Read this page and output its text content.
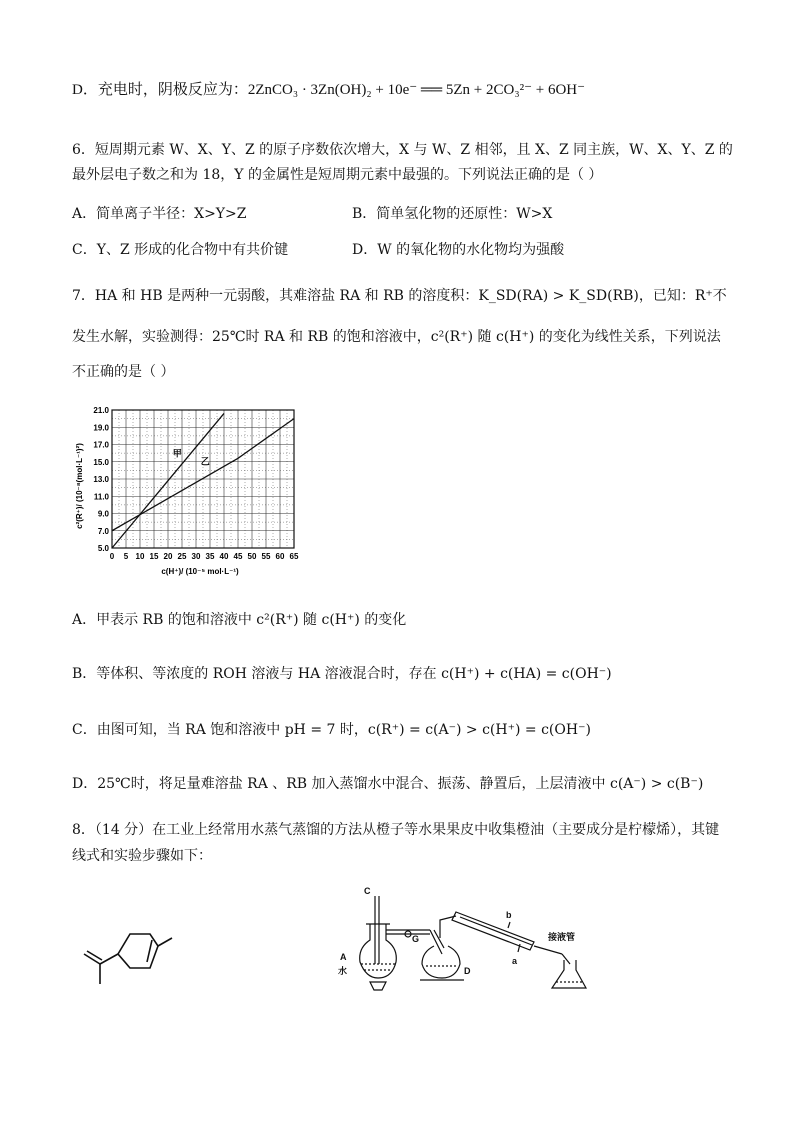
D．充电时，阴极反应为：2ZnCO₃ · 3Zn(OH)₂ + 10e⁻ ══ 5Zn + 2CO₃²⁻ + 6OH⁻
6．短周期元素 W、X、Y、Z 的原子序数依次增大，X 与 W、Z 相邻，且 X、Z 同主族，W、X、Y、Z 的
最外层电子数之和为 18，Y 的金属性是短周期元素中最强的。下列说法正确的是（ ）
A．简单离子半径：X>Y>Z	B．简单氢化物的还原性：W>X
C．Y、Z 形成的化合物中有共价键	D．W 的氧化物的水化物均为强酸
7．HA 和 HB 是两种一元弱酸，其难溶盐 RA 和 RB 的溶度积：K_SD(RA) > K_SD(RB)，已知：R⁺不
发生水解，实验测得：25℃时 RA 和 RB 的饱和溶液中，c²(R⁺) 随 c(H⁺) 的变化为线性关系，下列说法
不正确的是（ ）
甲
乙
0 5 10 15 20 25 30 35 40 45 50 55 60 65
5.0
7.0
9.0
11.0
13.0
15.0
17.0
19.0
21.0
c(H⁺)/ (10⁻⁵ mol·L⁻¹)
c²(R⁺)/ (10⁻⁸(mol·L⁻¹)²)
A．甲表示 RB 的饱和溶液中 c²(R⁺) 随 c(H⁺) 的变化
B．等体积、等浓度的 ROH 溶液与 HA 溶液混合时，存在 c(H⁺) + c(HA) = c(OH⁻)
C．由图可知，当 RA 饱和溶液中 pH = 7 时，c(R⁺) = c(A⁻) > c(H⁺) = c(OH⁻)
D．25℃时，将足量难溶盐 RA 、RB 加入蒸馏水中混合、振荡、静置后，上层清液中 c(A⁻) > c(B⁻)
8．（14 分）在工业上经常用水蒸气蒸馏的方法从橙子等水果果皮中收集橙油（主要成分是柠檬烯），其键
线式和实验步骤如下：
C
A
水
G
D
b
a
接液管
